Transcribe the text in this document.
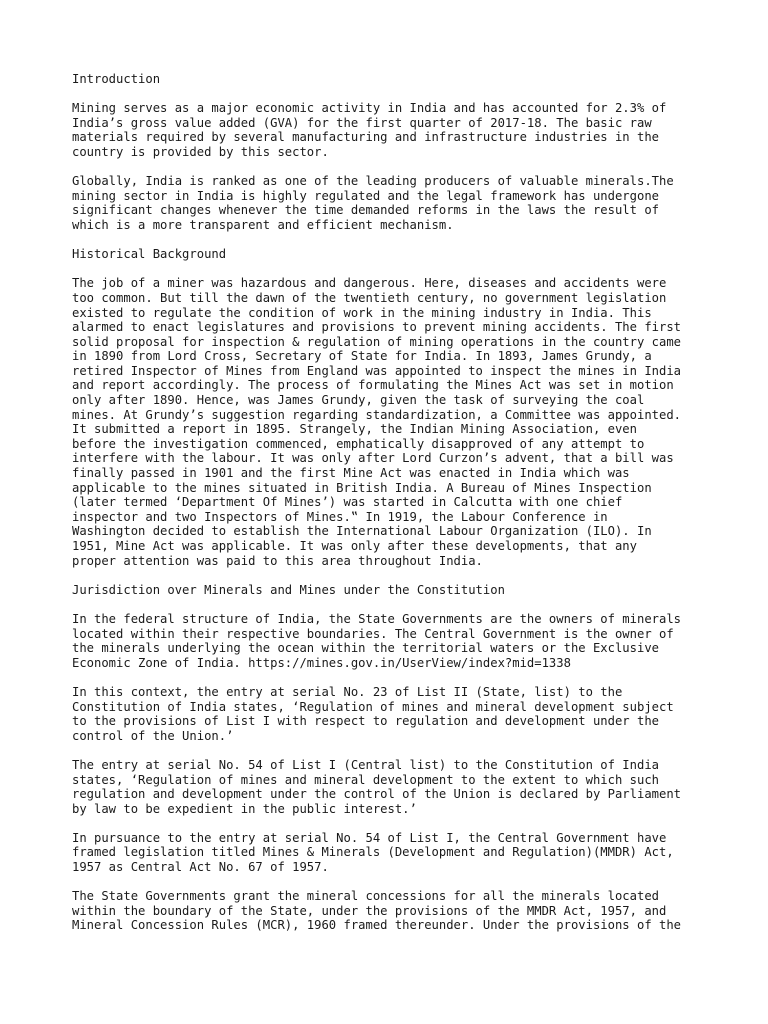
Introduction

Mining serves as a major economic activity in India and has accounted for 2.3% of
India’s gross value added (GVA) for the first quarter of 2017-18. The basic raw
materials required by several manufacturing and infrastructure industries in the
country is provided by this sector.

Globally, India is ranked as one of the leading producers of valuable minerals.The
mining sector in India is highly regulated and the legal framework has undergone
significant changes whenever the time demanded reforms in the laws the result of
which is a more transparent and efficient mechanism.

Historical Background

The job of a miner was hazardous and dangerous. Here, diseases and accidents were
too common. But till the dawn of the twentieth century, no government legislation
existed to regulate the condition of work in the mining industry in India. This
alarmed to enact legislatures and provisions to prevent mining accidents. The first
solid proposal for inspection & regulation of mining operations in the country came
in 1890 from Lord Cross, Secretary of State for India. In 1893, James Grundy, a
retired Inspector of Mines from England was appointed to inspect the mines in India
and report accordingly. The process of formulating the Mines Act was set in motion
only after 1890. Hence, was James Grundy, given the task of surveying the coal
mines. At Grundy’s suggestion regarding standardization, a Committee was appointed.
It submitted a report in 1895. Strangely, the Indian Mining Association, even
before the investigation commenced, emphatically disapproved of any attempt to
interfere with the labour. It was only after Lord Curzon’s advent, that a bill was
finally passed in 1901 and the first Mine Act was enacted in India which was
applicable to the mines situated in British India. A Bureau of Mines Inspection
(later termed ‘Department Of Mines’) was started in Calcutta with one chief
inspector and two Inspectors of Mines.‟ In 1919, the Labour Conference in
Washington decided to establish the International Labour Organization (ILO). In
1951, Mine Act was applicable. It was only after these developments, that any
proper attention was paid to this area throughout India.

Jurisdiction over Minerals and Mines under the Constitution

In the federal structure of India, the State Governments are the owners of minerals
located within their respective boundaries. The Central Government is the owner of
the minerals underlying the ocean within the territorial waters or the Exclusive
Economic Zone of India. https://mines.gov.in/UserView/index?mid=1338

In this context, the entry at serial No. 23 of List II (State, list) to the
Constitution of India states, ‘Regulation of mines and mineral development subject
to the provisions of List I with respect to regulation and development under the
control of the Union.’

The entry at serial No. 54 of List I (Central list) to the Constitution of India
states, ‘Regulation of mines and mineral development to the extent to which such
regulation and development under the control of the Union is declared by Parliament
by law to be expedient in the public interest.’

In pursuance to the entry at serial No. 54 of List I, the Central Government have
framed legislation titled Mines & Minerals (Development and Regulation)(MMDR) Act,
1957 as Central Act No. 67 of 1957.

The State Governments grant the mineral concessions for all the minerals located
within the boundary of the State, under the provisions of the MMDR Act, 1957, and
Mineral Concession Rules (MCR), 1960 framed thereunder. Under the provisions of the
